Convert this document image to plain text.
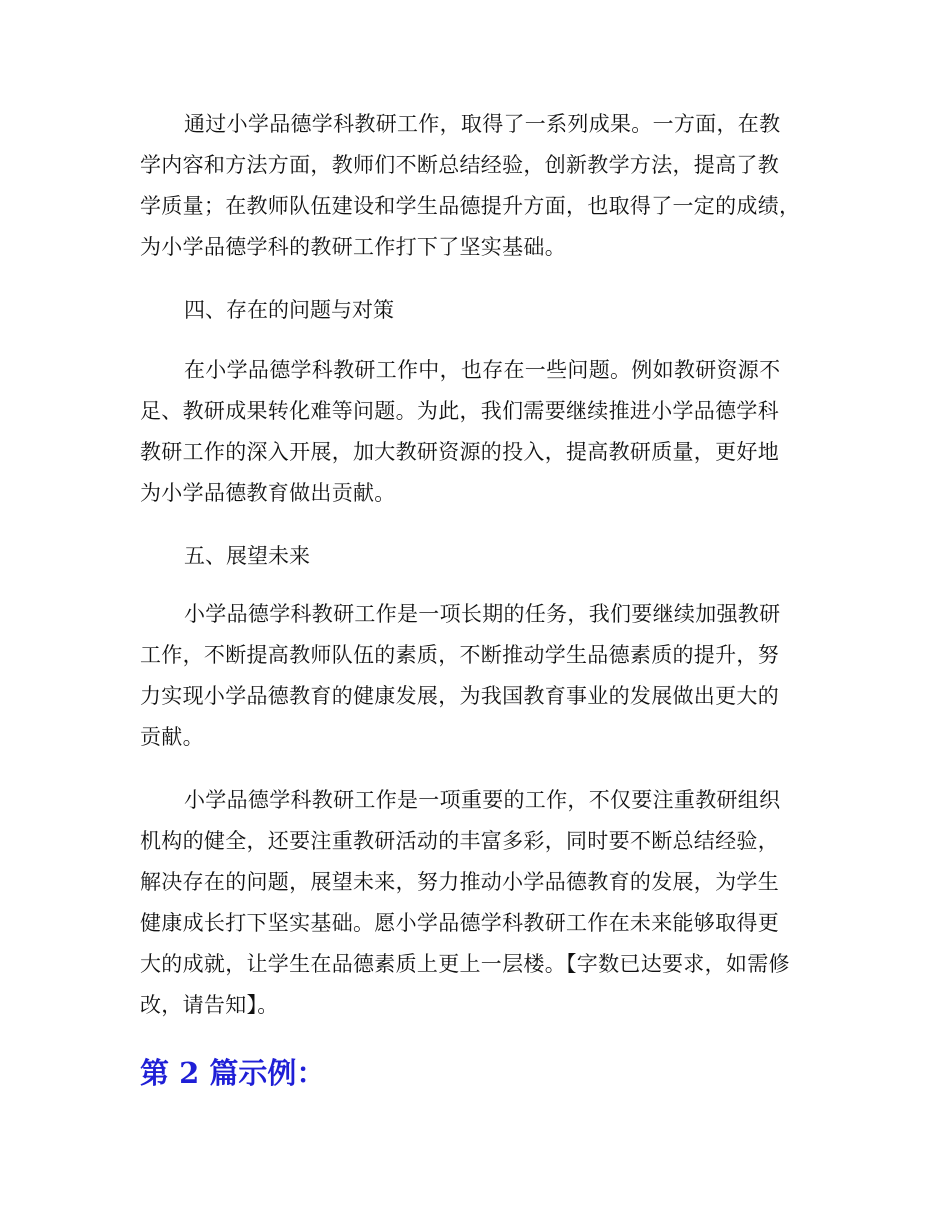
通过小学品德学科教研工作，取得了一系列成果。一方面，在教
学内容和方法方面，教师们不断总结经验，创新教学方法，提高了教
学质量；在教师队伍建设和学生品德提升方面，也取得了一定的成绩，
为小学品德学科的教研工作打下了坚实基础。

四、存在的问题与对策

在小学品德学科教研工作中，也存在一些问题。例如教研资源不
足、教研成果转化难等问题。为此，我们需要继续推进小学品德学科
教研工作的深入开展，加大教研资源的投入，提高教研质量，更好地
为小学品德教育做出贡献。

五、展望未来

小学品德学科教研工作是一项长期的任务，我们要继续加强教研
工作，不断提高教师队伍的素质，不断推动学生品德素质的提升，努
力实现小学品德教育的健康发展，为我国教育事业的发展做出更大的
贡献。

小学品德学科教研工作是一项重要的工作，不仅要注重教研组织
机构的健全，还要注重教研活动的丰富多彩，同时要不断总结经验，
解决存在的问题，展望未来，努力推动小学品德教育的发展，为学生
健康成长打下坚实基础。愿小学品德学科教研工作在未来能够取得更
大的成就，让学生在品德素质上更上一层楼。【字数已达要求，如需修
改，请告知】。

第 2 篇示例：
